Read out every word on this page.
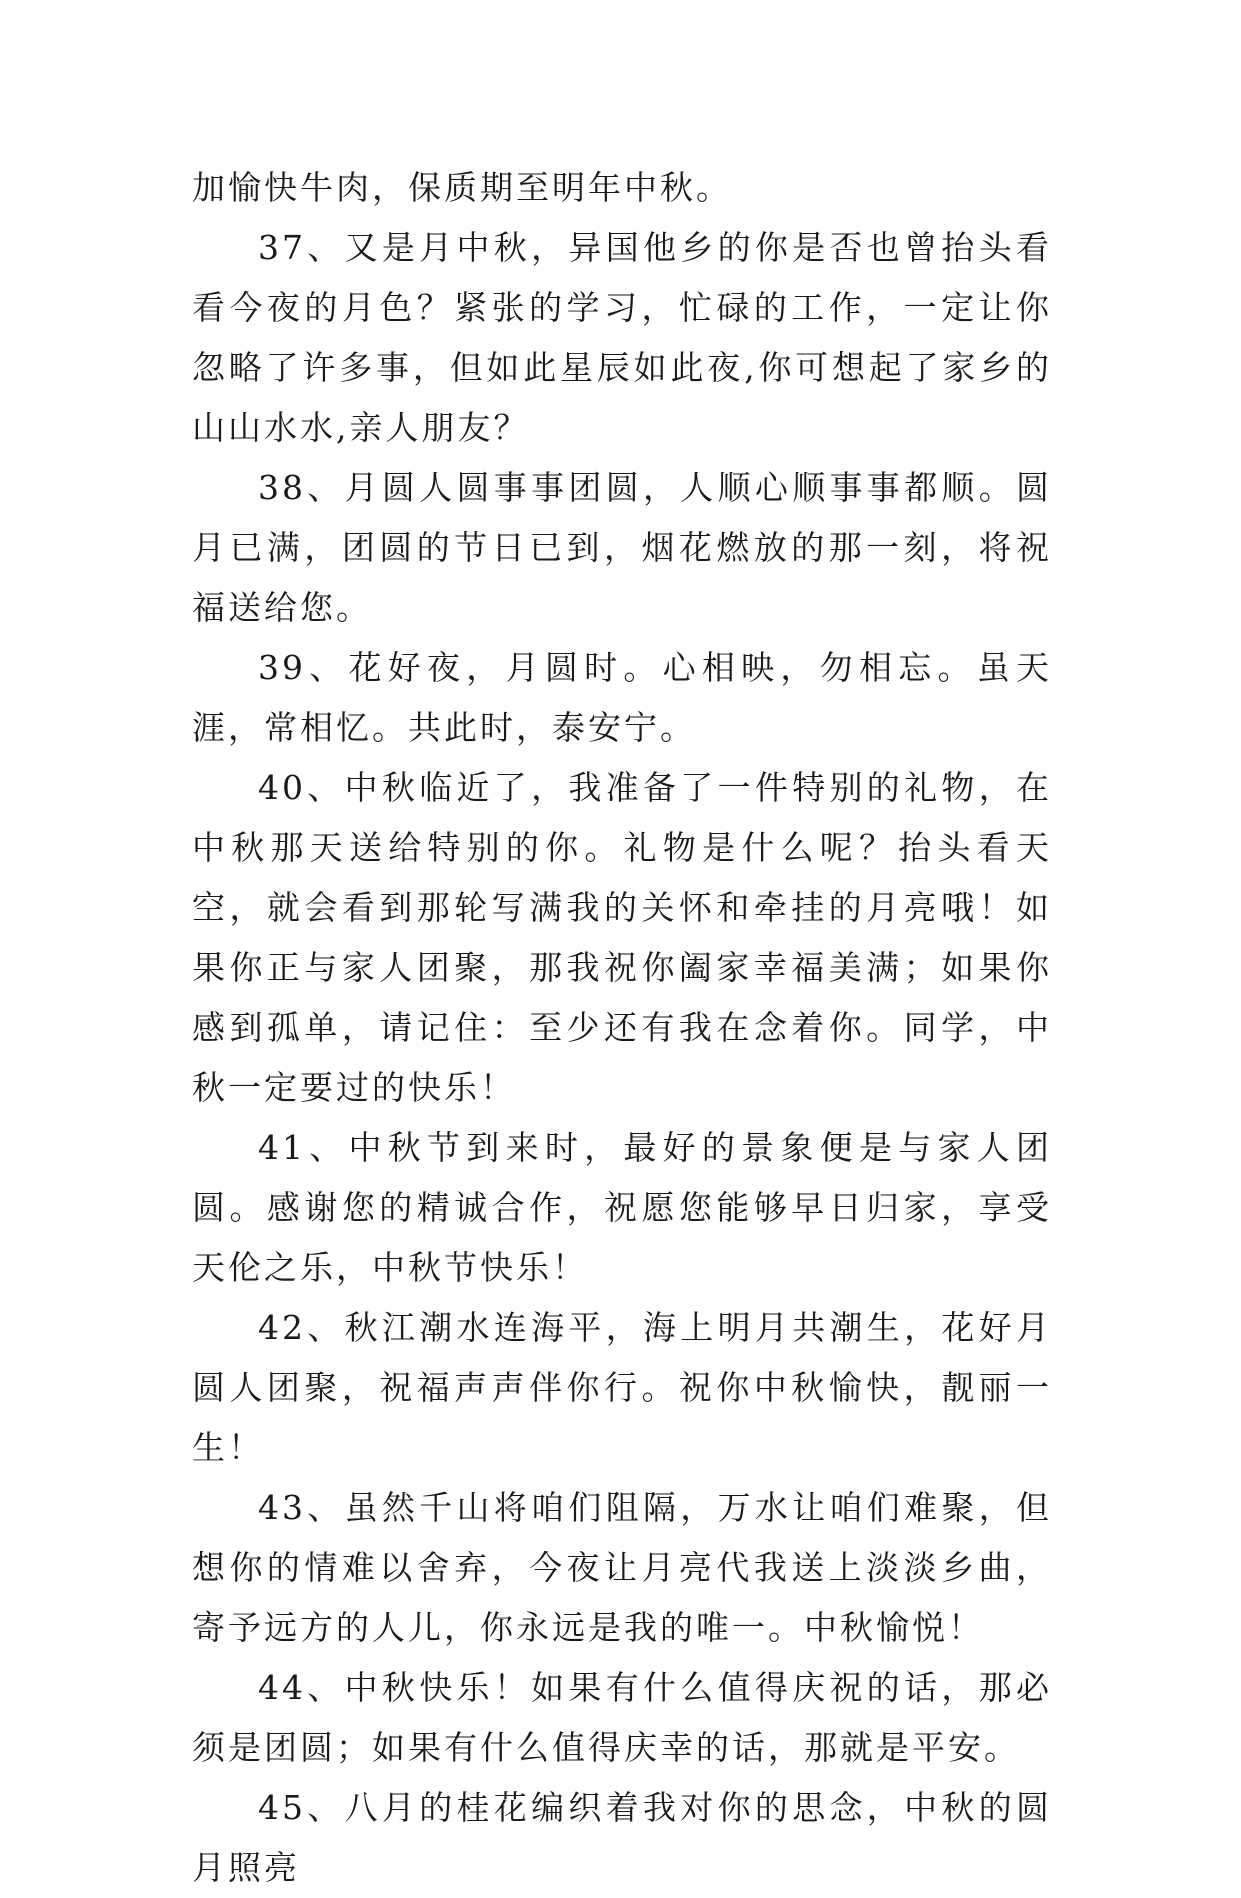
加愉快牛肉，保质期至明年中秋。

37、又是月中秋，异国他乡的你是否也曾抬头看看今夜的月色？紧张的学习，忙碌的工作，一定让你忽略了许多事，但如此星辰如此夜,你可想起了家乡的山山水水,亲人朋友？

38、月圆人圆事事团圆，人顺心顺事事都顺。圆月已满，团圆的节日已到，烟花燃放的那一刻，将祝福送给您。

39、花好夜，月圆时。心相映，勿相忘。虽天涯，常相忆。共此时，泰安宁。

40、中秋临近了，我准备了一件特别的礼物，在中秋那天送给特别的你。礼物是什么呢？抬头看天空，就会看到那轮写满我的关怀和牵挂的月亮哦！如果你正与家人团聚，那我祝你阖家幸福美满；如果你感到孤单，请记住：至少还有我在念着你。同学，中秋一定要过的快乐！

41、中秋节到来时，最好的景象便是与家人团圆。感谢您的精诚合作，祝愿您能够早日归家，享受天伦之乐，中秋节快乐！

42、秋江潮水连海平，海上明月共潮生，花好月圆人团聚，祝福声声伴你行。祝你中秋愉快，靓丽一生！

43、虽然千山将咱们阻隔，万水让咱们难聚，但想你的情难以舍弃，今夜让月亮代我送上淡淡乡曲，寄予远方的人儿，你永远是我的唯一。中秋愉悦！

44、中秋快乐！如果有什么值得庆祝的话，那必须是团圆；如果有什么值得庆幸的话，那就是平安。

45、八月的桂花编织着我对你的思念，中秋的圆月照亮
